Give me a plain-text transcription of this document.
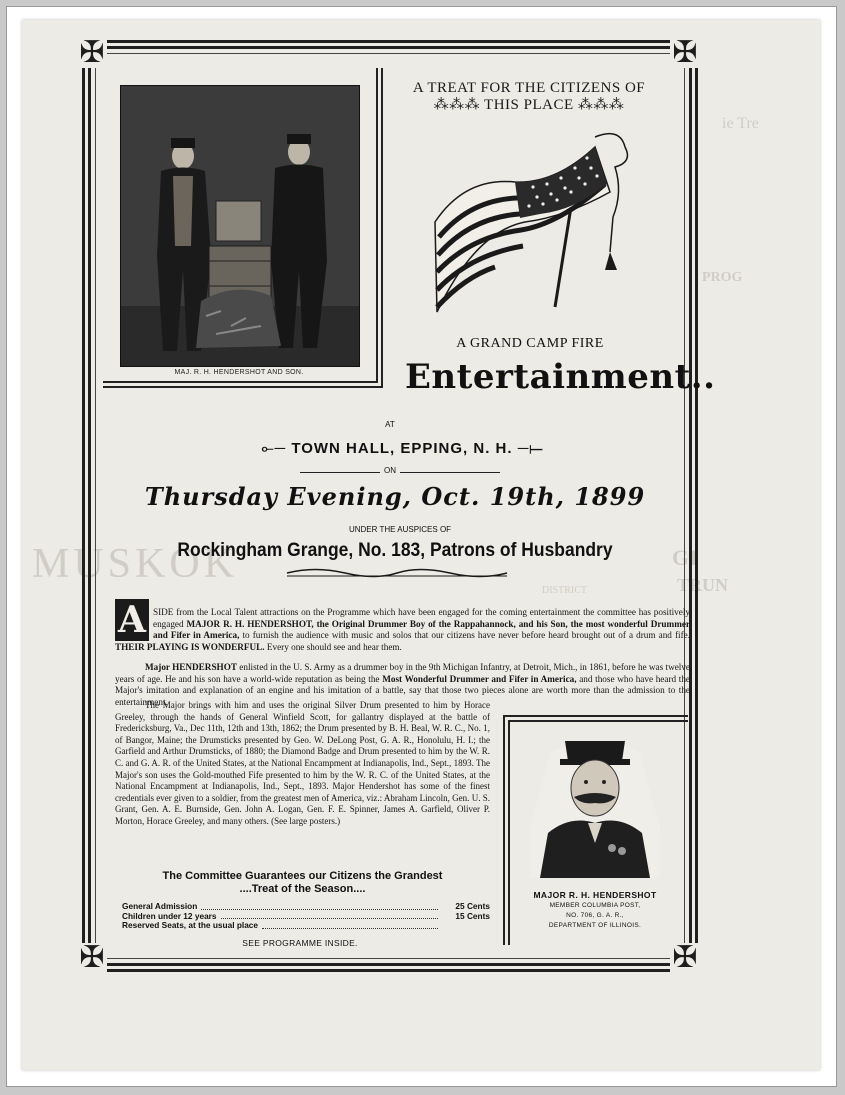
ie Tre
PROG
MUSKOK	GI
TRUN
DISTRICT
✠	✠
✠	✠
MAJ. R. H. HENDERSHOT AND SON.
A TREAT FOR THE CITIZENS OF
⁂⁂⁂ THIS PLACE ⁂⁂⁂
A GRAND CAMP FIRE
Entertainment..
AT
⟜─ TOWN HALL, EPPING, N. H. ─⟝
ON
Thursday Evening, Oct. 19th, 1899
UNDER THE AUSPICES OF
Rockingham Grange, No. 183, Patrons of Husbandry
A SIDE from the Local Talent attractions on the Programme which have been engaged for the coming entertainment the committee has positively engaged MAJOR R. H. HENDERSHOT, the Original Drummer Boy of the Rappahannock, and his Son, the most wonderful Drummer and Fifer in America, to furnish the audience with music and solos that our citizens have never before heard brought out of a drum and fife. THEIR PLAYING IS WONDERFUL. Every one should see and hear them.

Major HENDERSHOT enlisted in the U. S. Army as a drummer boy in the 9th Michigan Infantry, at Detroit, Mich., in 1861, before he was twelve years of age. He and his son have a world-wide reputation as being the Most Wonderful Drummer and Fifer in America, and those who have heard the Major's imitation and explanation of an engine and his imitation of a battle, say that those two pieces alone are worth more than the admission to the entertainment.

The Major brings with him and uses the original Silver Drum presented to him by Horace Greeley, through the hands of General Winfield Scott, for gallantry displayed at the battle of Fredericksburg, Va., Dec 11th, 12th and 13th, 1862; the Drum presented by B. H. Beal, W. R. C., No. 1, of Bangor, Maine; the Drumsticks presented by Geo. W. DeLong Post, G. A. R., Honolulu, H. I.; the Garfield and Arthur Drumsticks, of 1880; the Diamond Badge and Drum presented to him by the W. R. C. and G. A. R. of the United States, at the National Encampment at Indianapolis, Ind., Sept., 1893. The Major's son uses the Gold-mouthed Fife presented to him by the W. R. C. of the United States, at the National Encampment at Indianapolis, Ind., Sept., 1893. Major Hendershot has some of the finest credentials ever given to a soldier, from the greatest men of America, viz.: Abraham Lincoln, Gen. U. S. Grant, Gen. A. E. Burnside, Gen. John A. Logan, Gen. F. E. Spinner, James A. Garfield, Oliver P. Morton, Horace Greeley, and many others. (See large posters.)

MAJOR R. H. HENDERSHOT
MEMBER COLUMBIA POST,
NO. 706, G. A. R.,
DEPARTMENT OF ILLINOIS.
The Committee Guarantees our Citizens the Grandest
....Treat of the Season....
General Admission	25 Cents
Children under 12 years	15 Cents
Reserved Seats, at the usual place
SEE PROGRAMME INSIDE.
